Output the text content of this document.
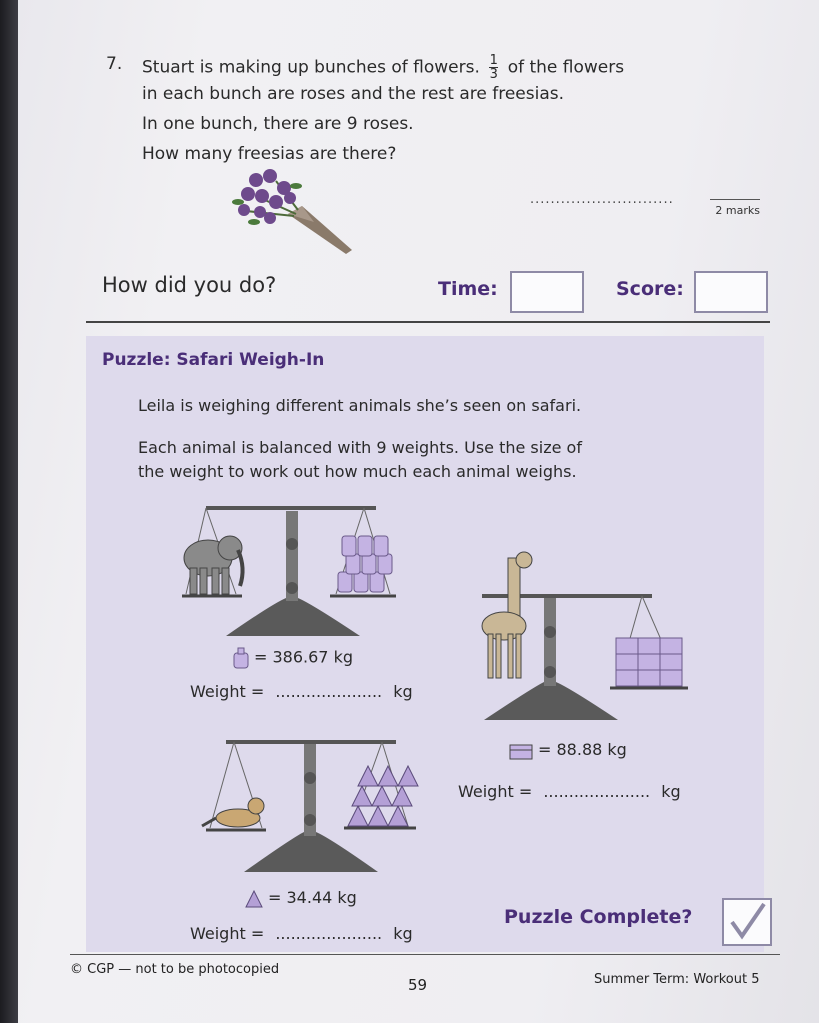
7. Stuart is making up bunches of flowers. $\frac{1}{3}$ of the flowers
in each bunch are roses and the rest are freesias.
In one bunch, there are 9 roses.
How many freesias are there?
............................
2 marks
How did you do?	Time:	Score:
Puzzle: Safari Weigh-In
Leila is weighing different animals she’s seen on safari.
Each animal is balanced with 9 weights. Use the size of
the weight to work out how much each animal weighs.
= 386.67 kg
Weight = ..................... kg
= 88.88 kg
Weight = ..................... kg
= 34.44 kg
Weight = ..................... kg
Puzzle Complete?
© CGP — not to be photocopied
59	Summer Term: Workout 5
